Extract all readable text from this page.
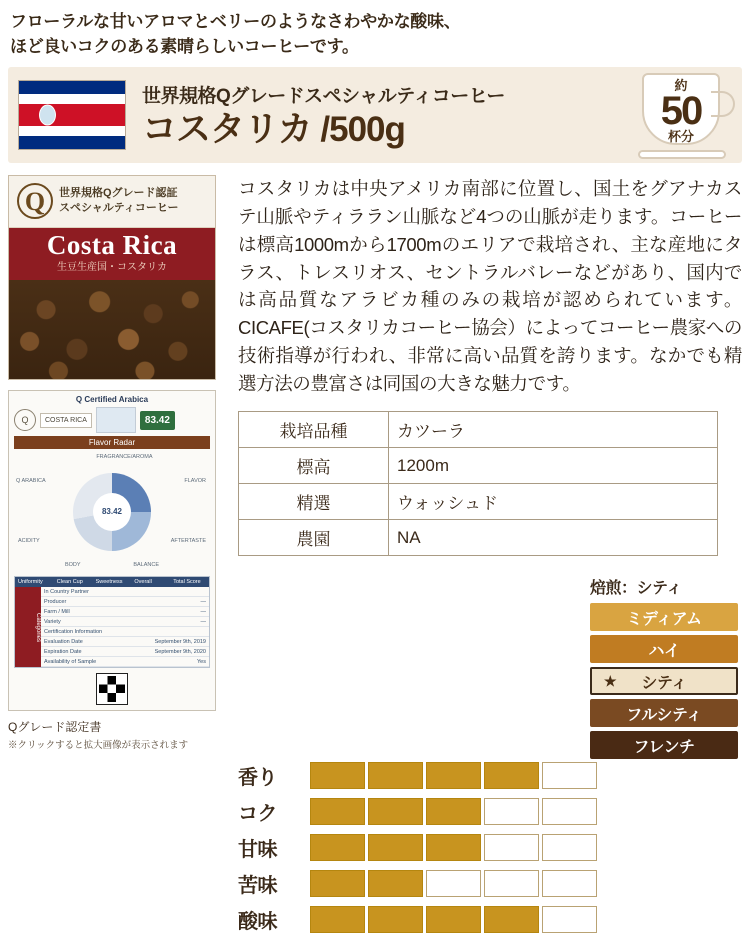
フローラルな甘いアロマとベリーのようなさわやかな酸味、
ほど良いコクのある素晴らしいコーヒーです。
世界規格Qグレードスペシャルティコーヒー
コスタリカ /500g
約
50
杯分
Q	世界規格Qグレード認証
スペシャルティコーヒー
Costa Rica
生豆生産国・コスタリカ
Q Certified Arabica
Q	COSTA RICA	83.42
Flavor Radar
FRAGRANCE/AROMA
Q ARABICA	FLAVOR
AFTERTASTE
ACIDITY
BODY	BALANCE
83.42
Uniformity	Clean Cup	Sweetness	Overall	Total Score
Categories
In Country Partner
Producer	—
Farm / Mill	—
Variety	—
Certification Information
Evaluation Date	September 9th, 2019
Expiration Date	September 9th, 2020
Availability of Sample	Yes
Qグレード認定書
※クリックすると拡大画像が表示されます
コスタリカは中央アメリカ南部に位置し、国土をグアナカステ山脈やティララン山脈など4つの山脈が走ります。コーヒーは標高1000mから1700mのエリアで栽培され、主な産地にタラス、トレスリオス、セントラルバレーなどがあり、国内では高品質なアラビカ種のみの栽培が認められています。CICAFE(コスタリカコーヒー協会）によってコーヒー農家への技術指導が行われ、非常に高い品質を誇ります。なかでも精選方法の豊富さは同国の大きな魅力です。
栽培品種	カツーラ
標高	1200m
精選	ウォッシュド
農園	NA
香り
コク
甘味
苦味
酸味
焙煎：シティ
ミディアム
ハイ
★ シティ
フルシティ
フレンチ
